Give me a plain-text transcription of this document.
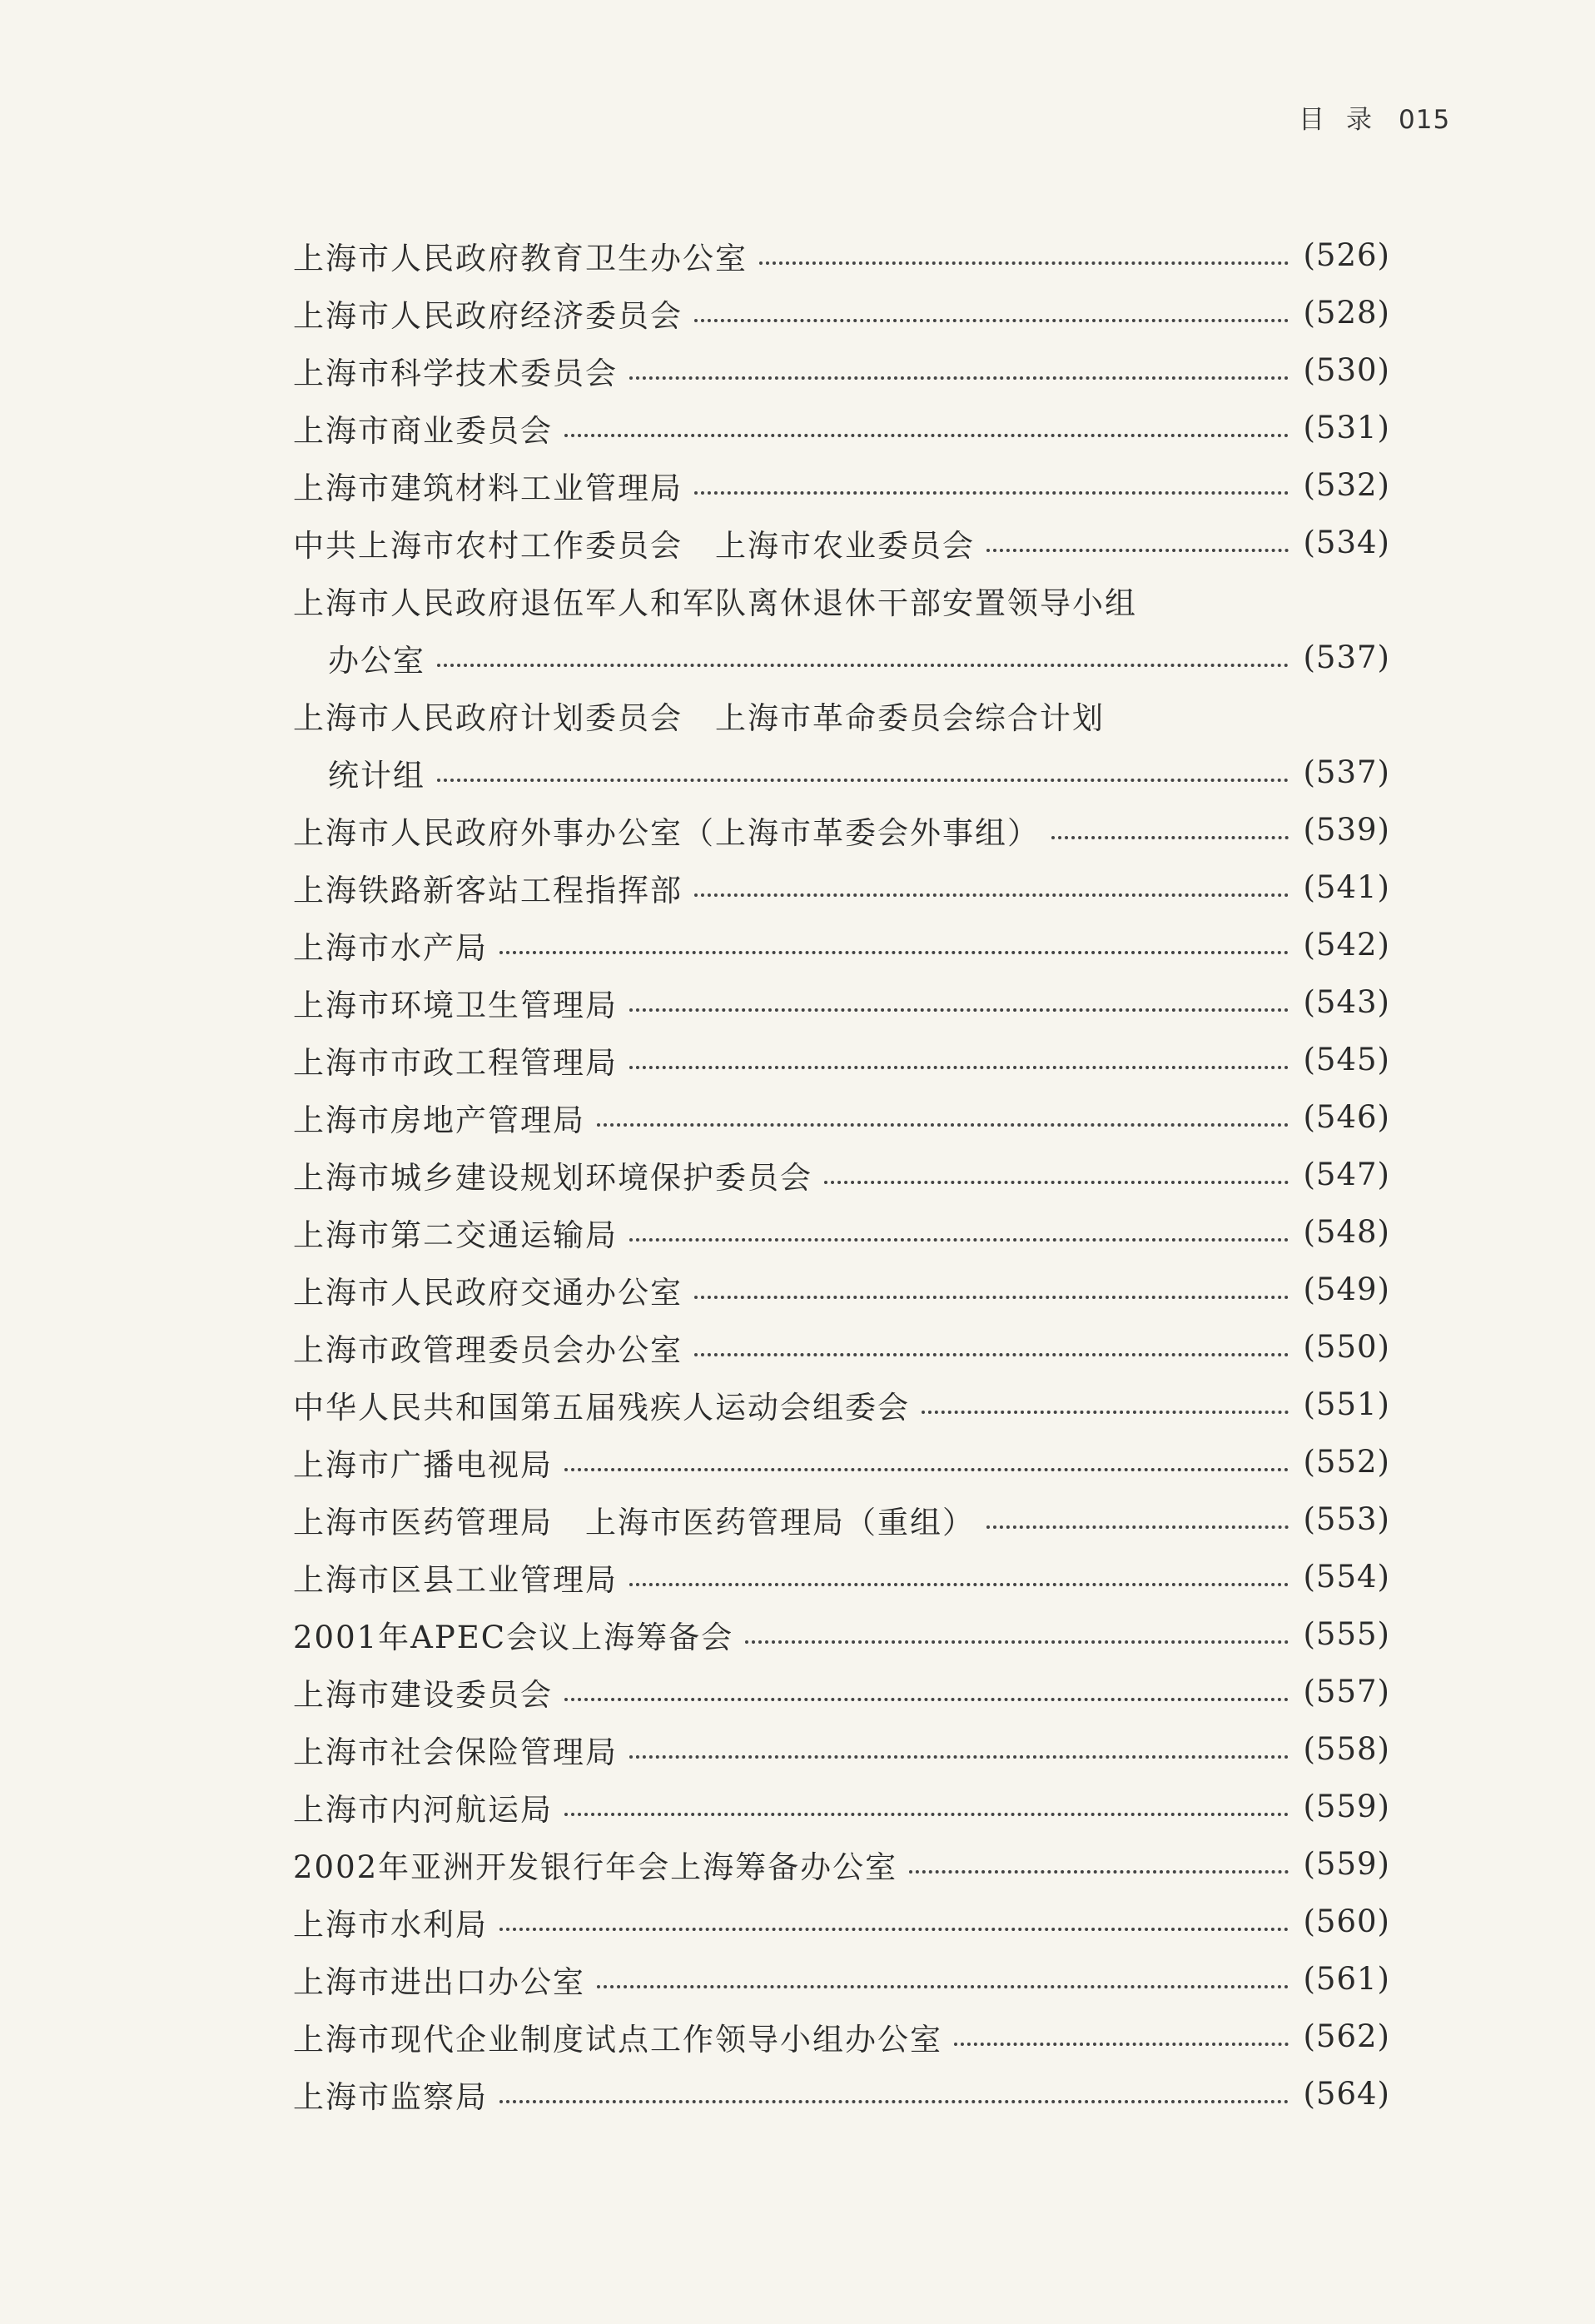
目录 015
上海市人民政府教育卫生办公室	(526)
上海市人民政府经济委员会	(528)
上海市科学技术委员会	(530)
上海市商业委员会	(531)
上海市建筑材料工业管理局	(532)
中共上海市农村工作委员会　上海市农业委员会	(534)
上海市人民政府退伍军人和军队离休退休干部安置领导小组
办公室	(537)
上海市人民政府计划委员会　上海市革命委员会综合计划
统计组	(537)
上海市人民政府外事办公室（上海市革委会外事组）	(539)
上海铁路新客站工程指挥部	(541)
上海市水产局	(542)
上海市环境卫生管理局	(543)
上海市市政工程管理局	(545)
上海市房地产管理局	(546)
上海市城乡建设规划环境保护委员会	(547)
上海市第二交通运输局	(548)
上海市人民政府交通办公室	(549)
上海市政管理委员会办公室	(550)
中华人民共和国第五届残疾人运动会组委会	(551)
上海市广播电视局	(552)
上海市医药管理局　上海市医药管理局（重组）	(553)
上海市区县工业管理局	(554)
2001年APEC会议上海筹备会	(555)
上海市建设委员会	(557)
上海市社会保险管理局	(558)
上海市内河航运局	(559)
2002年亚洲开发银行年会上海筹备办公室	(559)
上海市水利局	(560)
上海市进出口办公室	(561)
上海市现代企业制度试点工作领导小组办公室	(562)
上海市监察局	(564)
